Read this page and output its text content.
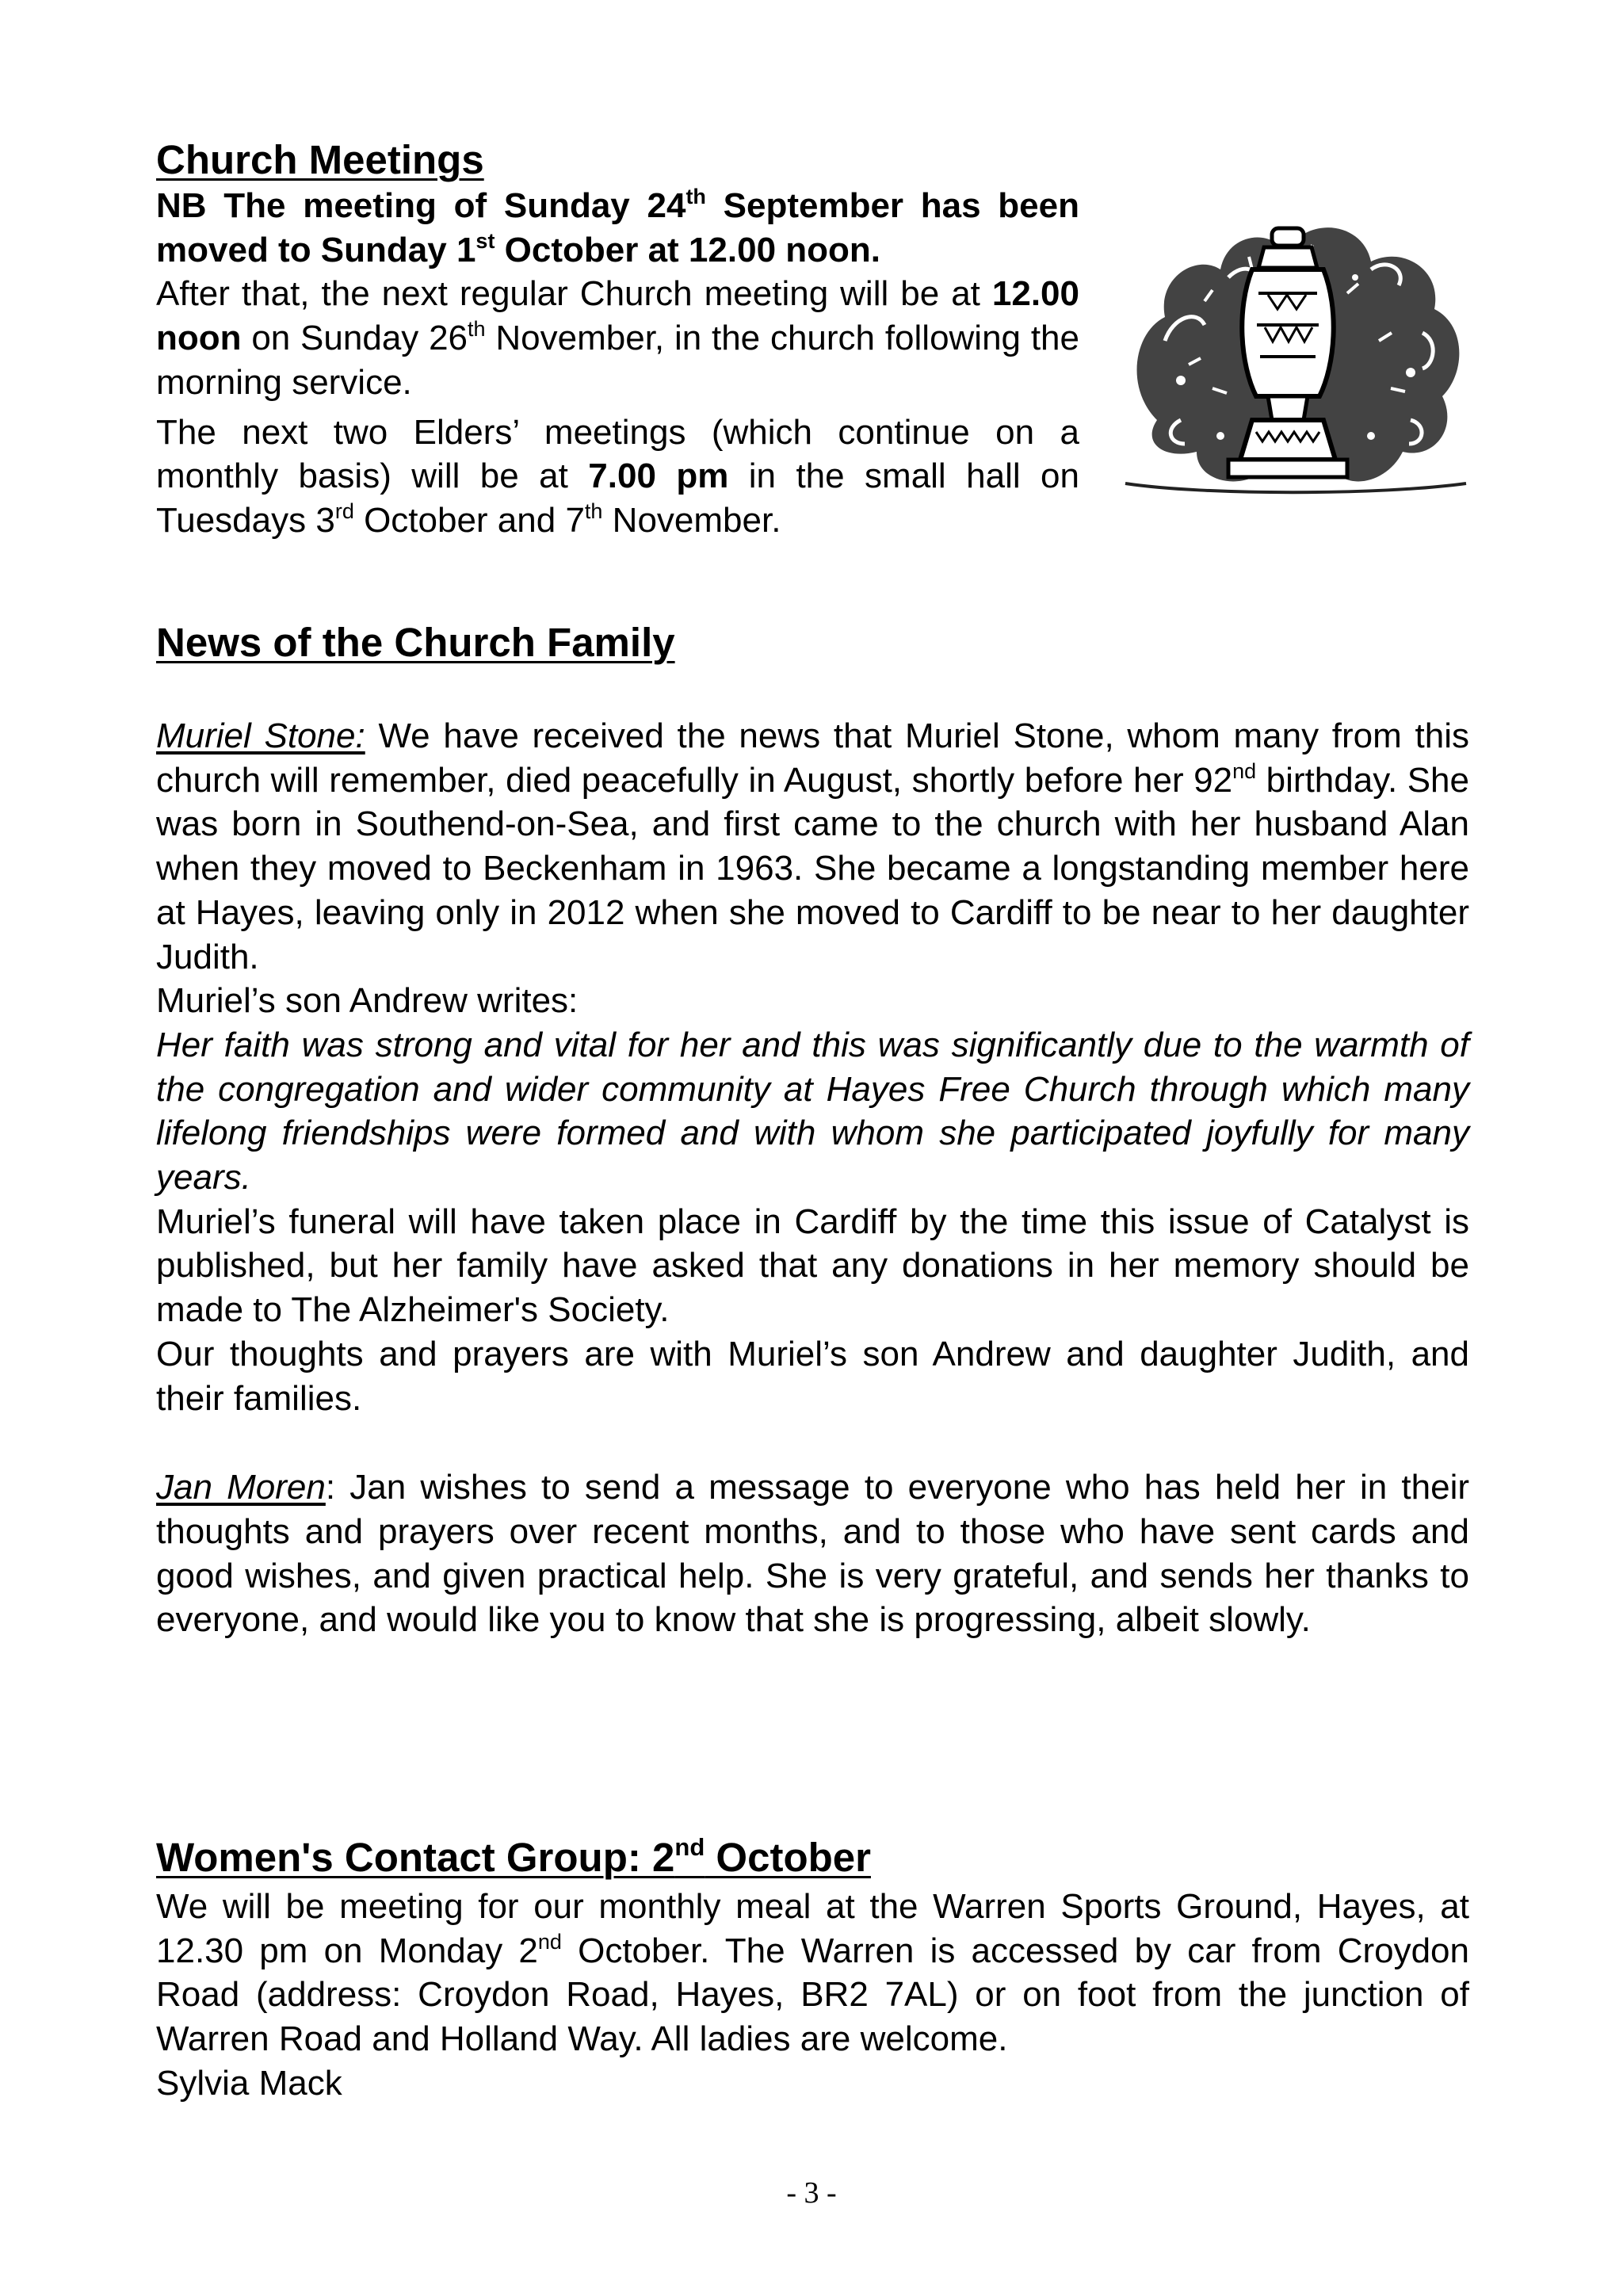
Church Meetings

NB The meeting of Sunday 24th September has been moved to Sunday 1st October at 12.00 noon.

After that, the next regular Church meeting will be at 12.00 noon on Sunday 26th November, in the church following the morning service.

The next two Elders’ meetings (which continue on a monthly basis) will be at 7.00 pm in the small hall on Tuesdays 3rd October and 7th November.

News of the Church Family

Muriel Stone: We have received the news that Muriel Stone, whom many from this church will remember, died peacefully in August, shortly before her 92nd birthday. She was born in Southend-on-Sea, and first came to the church with her husband Alan when they moved to Beckenham in 1963. She became a longstanding member here at Hayes, leaving only in 2012 when she moved to Cardiff to be near to her daughter Judith.

Muriel’s son Andrew writes:

Her faith was strong and vital for her and this was significantly due to the warmth of the congregation and wider community at Hayes Free Church through which many lifelong friendships were formed and with whom she participated joyfully for many years.

Muriel’s funeral will have taken place in Cardiff by the time this issue of Catalyst is published, but her family have asked that any donations in her memory should be made to The Alzheimer's Society.

Our thoughts and prayers are with Muriel’s son Andrew and daughter Judith, and their families.

Jan Moren: Jan wishes to send a message to everyone who has held her in their thoughts and prayers over recent months, and to those who have sent cards and good wishes, and given practical help. She is very grateful, and sends her thanks to everyone, and would like you to know that she is progressing, albeit slowly.

Women's Contact Group: 2nd October

We will be meeting for our monthly meal at the Warren Sports Ground, Hayes, at 12.30 pm on Monday 2nd October. The Warren is accessed by car from Croydon Road (address: Croydon Road, Hayes, BR2 7AL) or on foot from the junction of Warren Road and Holland Way. All ladies are welcome.

Sylvia Mack

- 3 -
